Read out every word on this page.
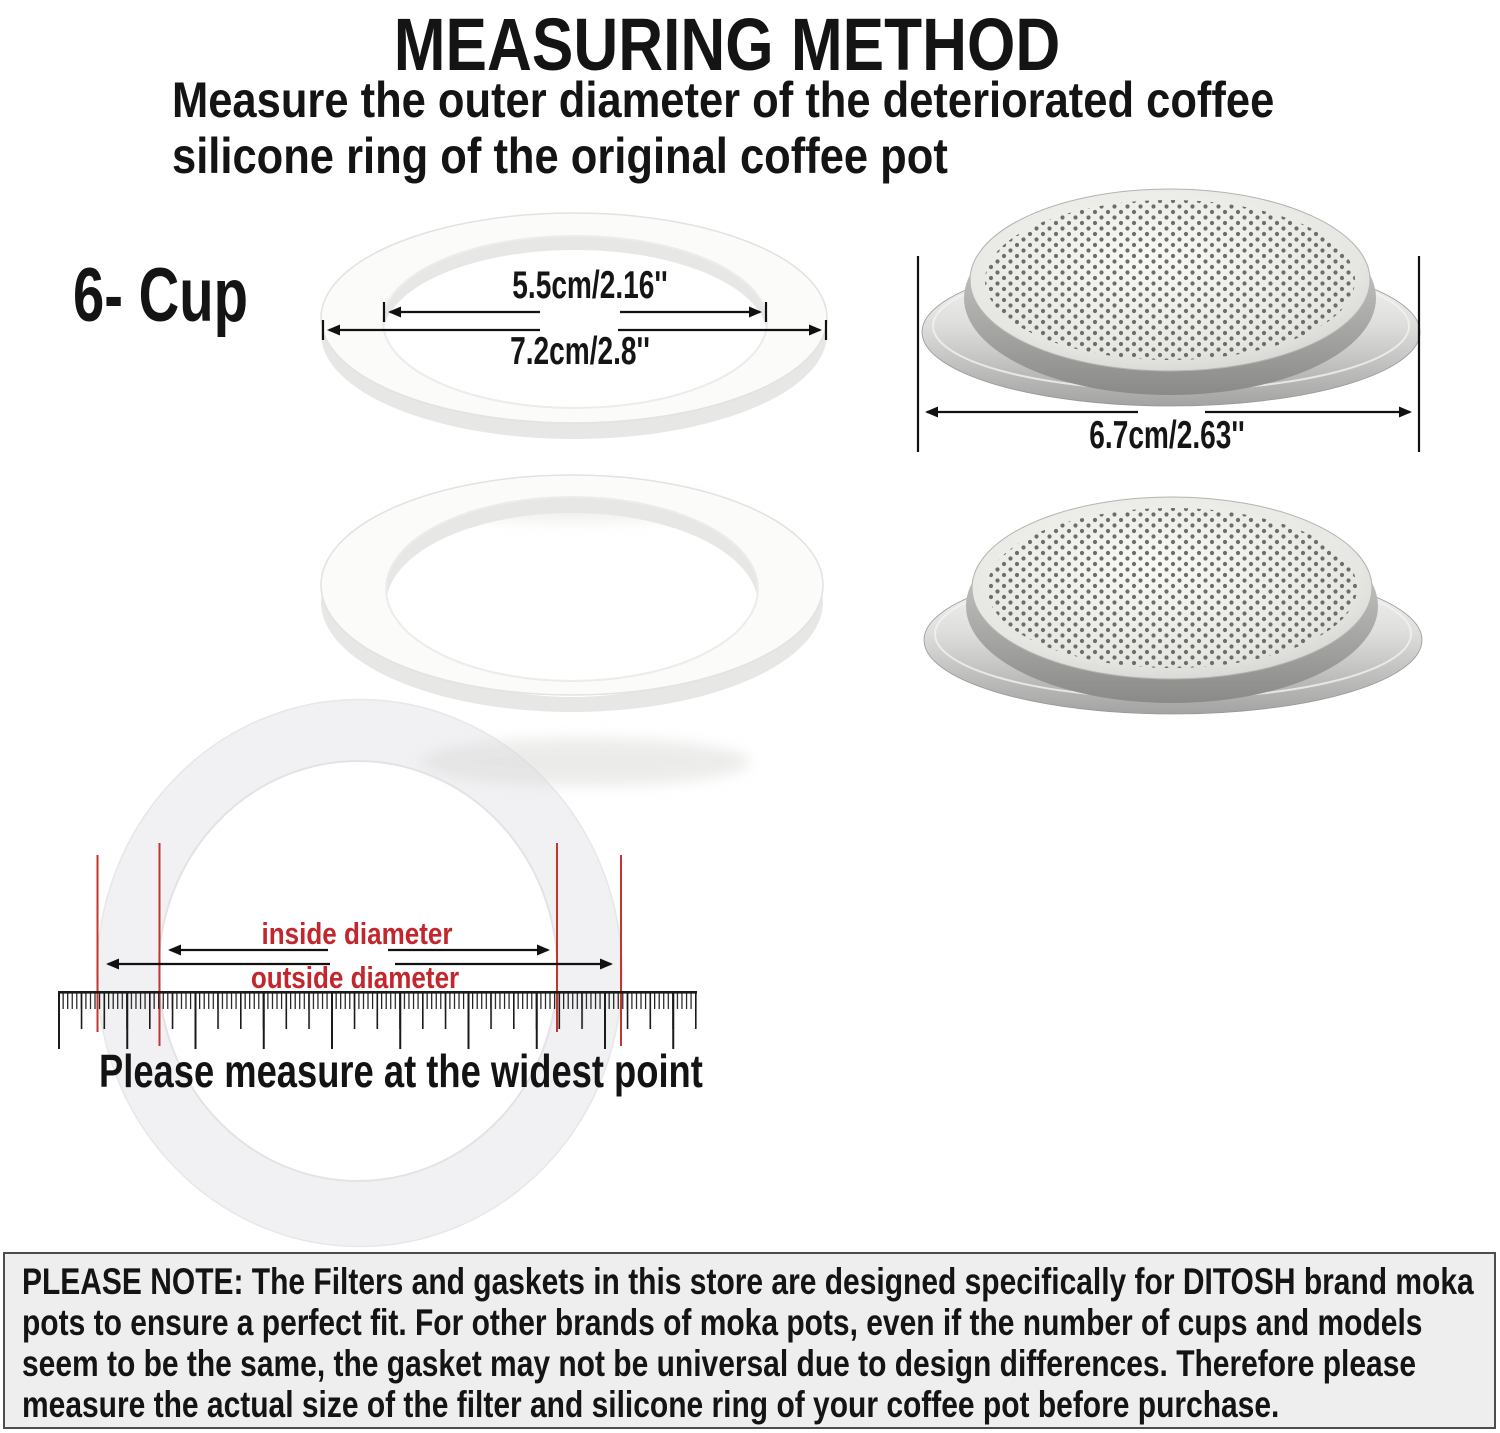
MEASURING METHOD
Measure the outer diameter of the deteriorated coffee
silicone ring of the original coffee pot
6- Cup	5.5cm/2.16''
7.2cm/2.8''
6.7cm/2.63''
inside diameter
outside diameter
Please measure at the widest point
PLEASE NOTE: The Filters and gaskets in this store are designed specifically for DITOSH brand moka
pots to ensure a perfect fit. For other brands of moka pots, even if the number of cups and models
seem to be the same, the gasket may not be universal due to design differences. Therefore please
measure the actual size of the filter and silicone ring of your coffee pot before purchase.
